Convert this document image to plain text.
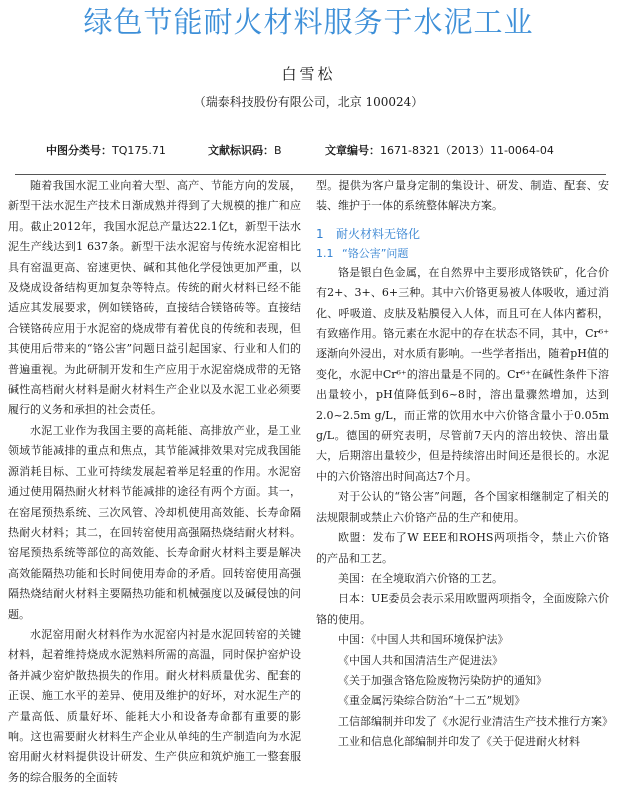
绿色节能耐火材料服务于水泥工业
白雪松
（瑞泰科技股份有限公司，北京 100024）
中图分类号：TQ175.71	文献标识码：B	文章编号：1671-8321（2013）11-0064-04

随着我国水泥工业向着大型、高产、节能方向的发展，新型干法水泥生产技术日渐成熟并得到了大规模的推广和应用。截止2012年，我国水泥总产量达22.1亿t，新型干法水泥生产线达到1 637条。新型干法水泥窑与传统水泥窑相比具有窑温更高、窑速更快、碱和其他化学侵蚀更加严重，以及烧成设备结构更加复杂等特点。传统的耐火材料已经不能适应其发展要求，例如镁铬砖，直接结合镁铬砖等。直接结合镁铬砖应用于水泥窑的烧成带有着优良的传统和表现，但其使用后带来的“铬公害”问题日益引起国家、行业和人们的普遍重视。为此研制开发和生产应用于水泥窑烧成带的无铬碱性高档耐火材料是耐火材料生产企业以及水泥工业必须要履行的义务和承担的社会责任。

水泥工业作为我国主要的高耗能、高排放产业，是工业领域节能减排的重点和焦点，其节能减排效果对完成我国能源消耗目标、工业可持续发展起着举足轻重的作用。水泥窑通过使用隔热耐火材料节能减排的途径有两个方面。其一，在窑尾预热系统、三次风管、冷却机使用高效能、长寿命隔热耐火材料；其二，在回转窑使用高强隔热烧结耐火材料。窑尾预热系统等部位的高效能、长寿命耐火材料主要是解决高效能隔热功能和长时间使用寿命的矛盾。回转窑使用高强隔热烧结耐火材料主要隔热功能和机械强度以及碱侵蚀的问题。

水泥窑用耐火材料作为水泥窑内衬是水泥回转窑的关键材料，起着维持烧成水泥熟料所需的高温，同时保护窑炉设备并减少窑炉散热损失的作用。耐火材料质量优劣、配套的正误、施工水平的差异、使用及维护的好坏，对水泥生产的产量高低、质量好坏、能耗大小和设备寿命都有重要的影响。这也需要耐火材料生产企业从单纯的生产制造向为水泥窑用耐火材料提供设计研发、生产供应和筑炉施工一整套服务的综合服务的全面转

型。提供为客户量身定制的集设计、研发、制造、配套、安装、维护于一体的系统整体解决方案。

1 耐火材料无铬化
1.1 “铬公害”问题

铬是银白色金属，在自然界中主要形成铬铁矿，化合价有2+、3+、6+三种。其中六价铬更易被人体吸收，通过消化、呼吸道、皮肤及粘膜侵入人体，而且可在人体内蓄积，有致癌作用。铬元素在水泥中的存在状态不同，其中，Cr⁶⁺逐渐向外浸出，对水质有影响。一些学者指出，随着pH值的变化，水泥中Cr⁶⁺的溶出量是不同的。Cr⁶⁺在碱性条件下溶出量较小，pH值降低到6~8时，溶出量骤然增加，达到2.0~2.5m g/L，而正常的饮用水中六价铬含量小于0.05m g/L。德国的研究表明，尽管前7天内的溶出较快、溶出量大，后期溶出量较少，但是持续溶出时间还是很长的。水泥中的六价铬溶出时间高达7个月。

对于公认的“铬公害”问题，各个国家相继制定了相关的法规限制或禁止六价铬产品的生产和使用。

欧盟：发布了W EEE和ROHS两项指令，禁止六价铬的产品和工艺。

美国：在全境取消六价铬的工艺。

日本：UE委员会表示采用欧盟两项指令，全面废除六价铬的使用。

中国：《中国人共和国环境保护法》

《中国人共和国清洁生产促进法》

《关于加强含铬危险废物污染防护的通知》

《重金属污染综合防治“十二五”规划》

工信部编制并印发了《水泥行业清洁生产技术推行方案》

工业和信息化部编制并印发了《关于促进耐火材料
